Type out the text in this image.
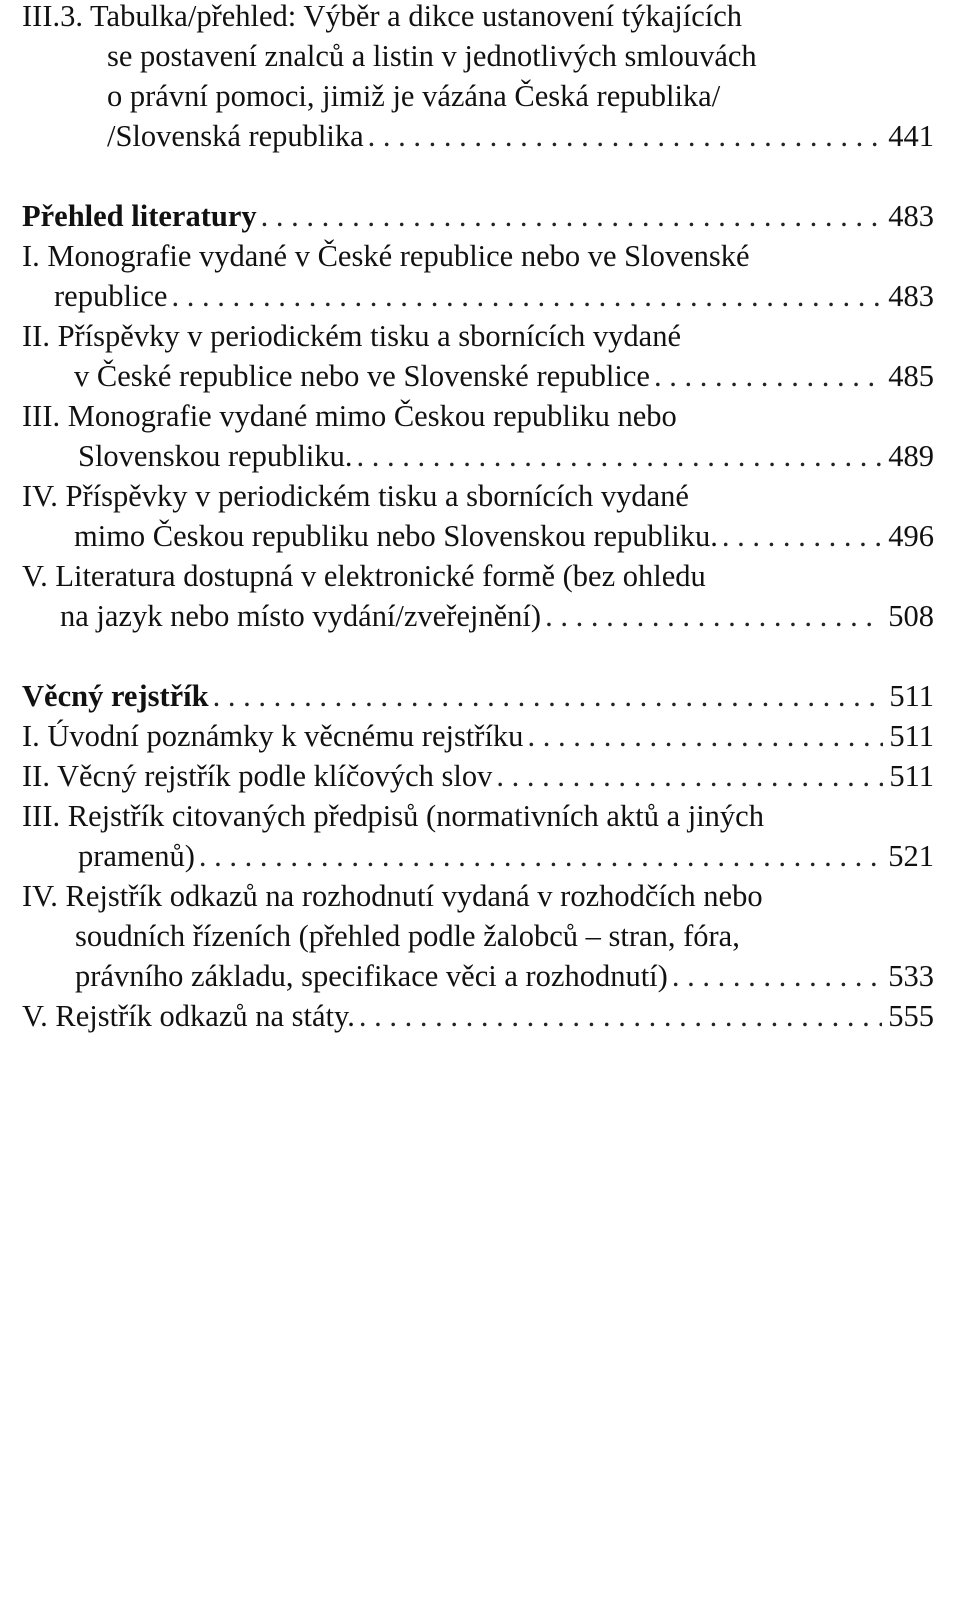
III.3. Tabulka/přehled: Výběr a dikce ustanovení týkajících
se postavení znalců a listin v jednotlivých smlouvách
o právní pomoci, jimiž je vázána Česká republika/
/Slovenská republika . . .	441
Přehled literatury . . .	483
I. Monografie vydané v České republice nebo ve Slovenské
republice . . .	483
II. Příspěvky v periodickém tisku a sbornících vydané
v České republice nebo ve Slovenské republice . . .	485
III. Monografie vydané mimo Českou republiku nebo
Slovenskou republiku. . . .	489
IV. Příspěvky v periodickém tisku a sbornících vydané
mimo Českou republiku nebo Slovenskou republiku. . . .	496
V. Literatura dostupná v elektronické formě (bez ohledu
na jazyk nebo místo vydání/zveřejnění) . . .	508
Věcný rejstřík . . .	511
I. Úvodní poznámky k věcnému rejstříku . . .	511
II. Věcný rejstřík podle klíčových slov . . .	511
III. Rejstřík citovaných předpisů (normativních aktů a jiných
pramenů) . . .	521
IV. Rejstřík odkazů na rozhodnutí vydaná v rozhodčích nebo
soudních řízeních (přehled podle žalobců – stran, fóra,
právního základu, specifikace věci a rozhodnutí) . . .	533
V. Rejstřík odkazů na státy. . . .	555
